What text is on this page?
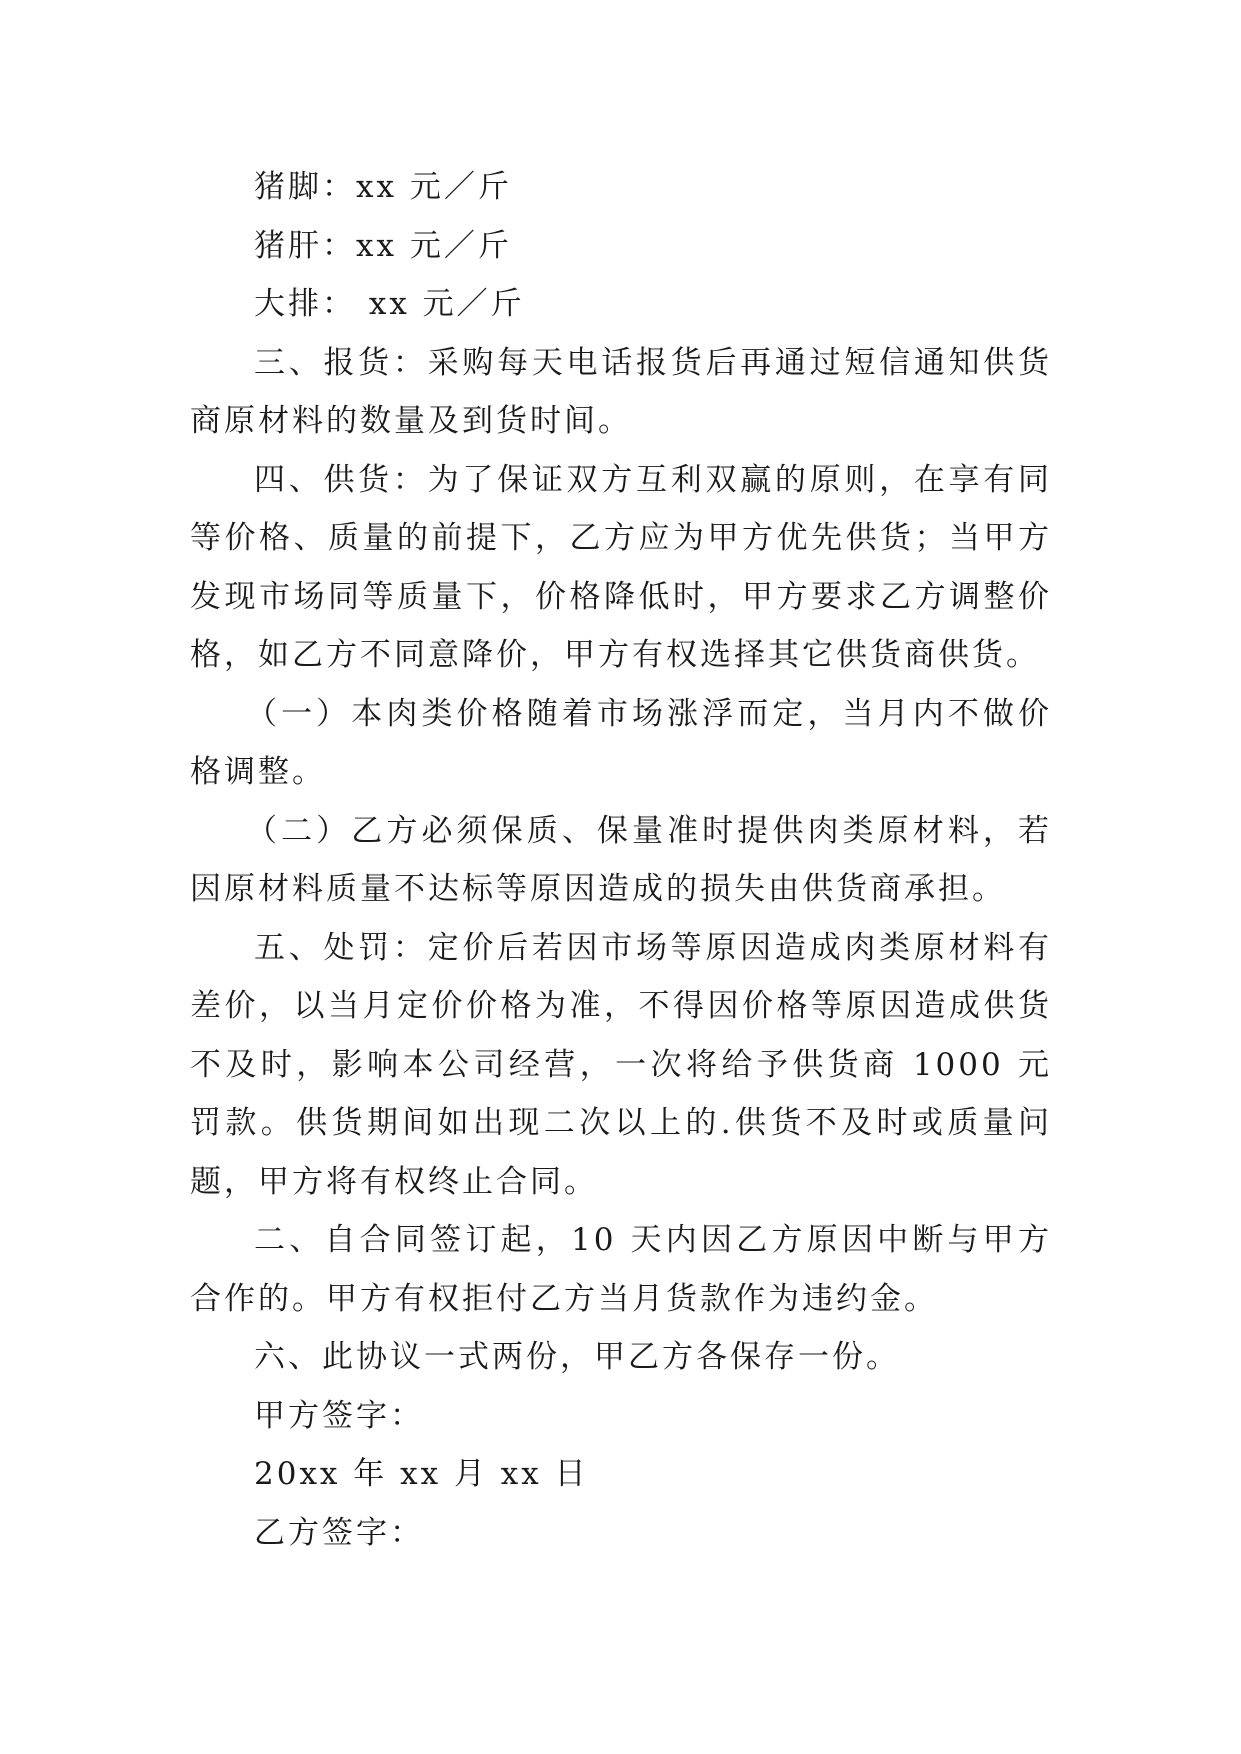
猪脚：xx 元／斤

猪肝：xx 元／斤

大排： xx 元／斤

三、报货：采购每天电话报货后再通过短信通知供货商原材料的数量及到货时间。

四、供货：为了保证双方互利双赢的原则，在享有同等价格、质量的前提下，乙方应为甲方优先供货；当甲方发现市场同等质量下，价格降低时，甲方要求乙方调整价格，如乙方不同意降价，甲方有权选择其它供货商供货。

（一）本肉类价格随着市场涨浮而定，当月内不做价格调整。

（二）乙方必须保质、保量准时提供肉类原材料，若因原材料质量不达标等原因造成的损失由供货商承担。

五、处罚：定价后若因市场等原因造成肉类原材料有差价，以当月定价价格为准，不得因价格等原因造成供货不及时，影响本公司经营，一次将给予供货商 1000 元罚款。供货期间如出现二次以上的.供货不及时或质量问题，甲方将有权终止合同。

二、自合同签订起，10 天内因乙方原因中断与甲方合作的。甲方有权拒付乙方当月货款作为违约金。

六、此协议一式两份，甲乙方各保存一份。

甲方签字：

20xx 年 xx 月 xx 日

乙方签字：
